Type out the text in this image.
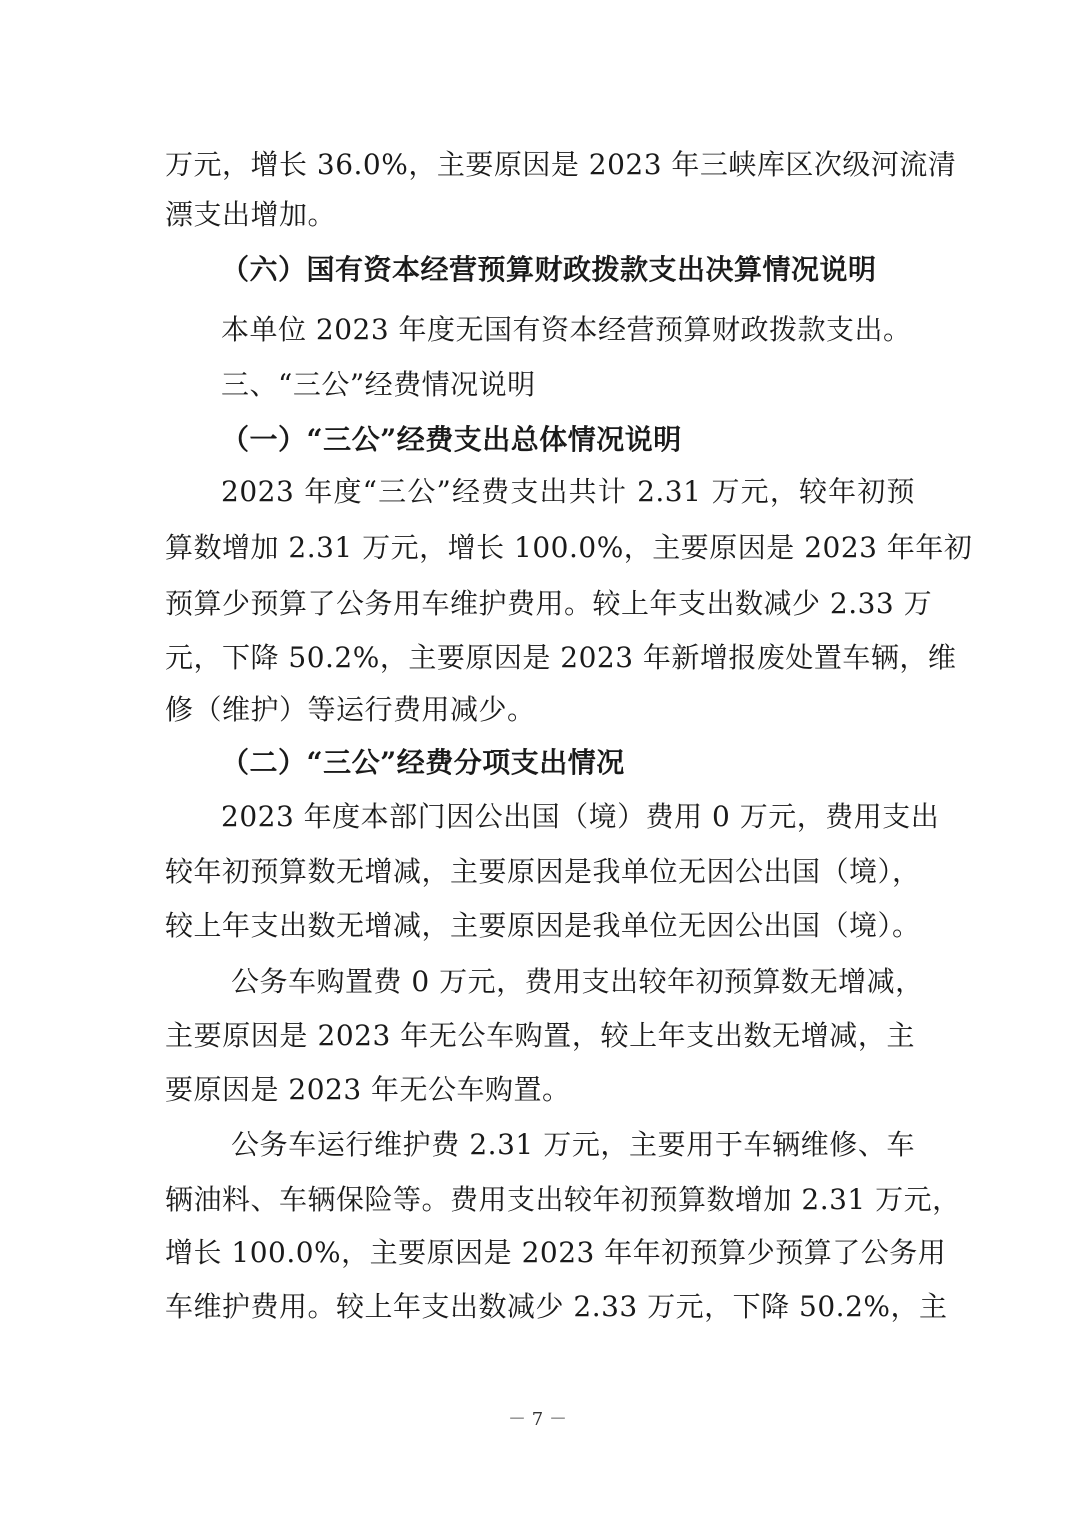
万元，增长 36.0%，主要原因是 2023 年三峡库区次级河流清
漂支出增加。
（六）国有资本经营预算财政拨款支出决算情况说明
本单位 2023 年度无国有资本经营预算财政拨款支出。
三、“三公”经费情况说明
（一）“三公”经费支出总体情况说明
2023 年度“三公”经费支出共计 2.31 万元，较年初预
算数增加 2.31 万元，增长 100.0%，主要原因是 2023 年年初
预算少预算了公务用车维护费用。较上年支出数减少 2.33 万
元，下降 50.2%，主要原因是 2023 年新增报废处置车辆，维
修（维护）等运行费用减少。
（二）“三公”经费分项支出情况
2023 年度本部门因公出国（境）费用 0 万元，费用支出
较年初预算数无增减，主要原因是我单位无因公出国（境），
较上年支出数无增减，主要原因是我单位无因公出国（境）。
公务车购置费 0 万元，费用支出较年初预算数无增减，
主要原因是 2023 年无公车购置，较上年支出数无增减，主
要原因是 2023 年无公车购置。
公务车运行维护费 2.31 万元，主要用于车辆维修、车
辆油料、车辆保险等。费用支出较年初预算数增加 2.31 万元，
增长 100.0%，主要原因是 2023 年年初预算少预算了公务用
车维护费用。较上年支出数减少 2.33 万元，下降 50.2%，主
－ 7 －
